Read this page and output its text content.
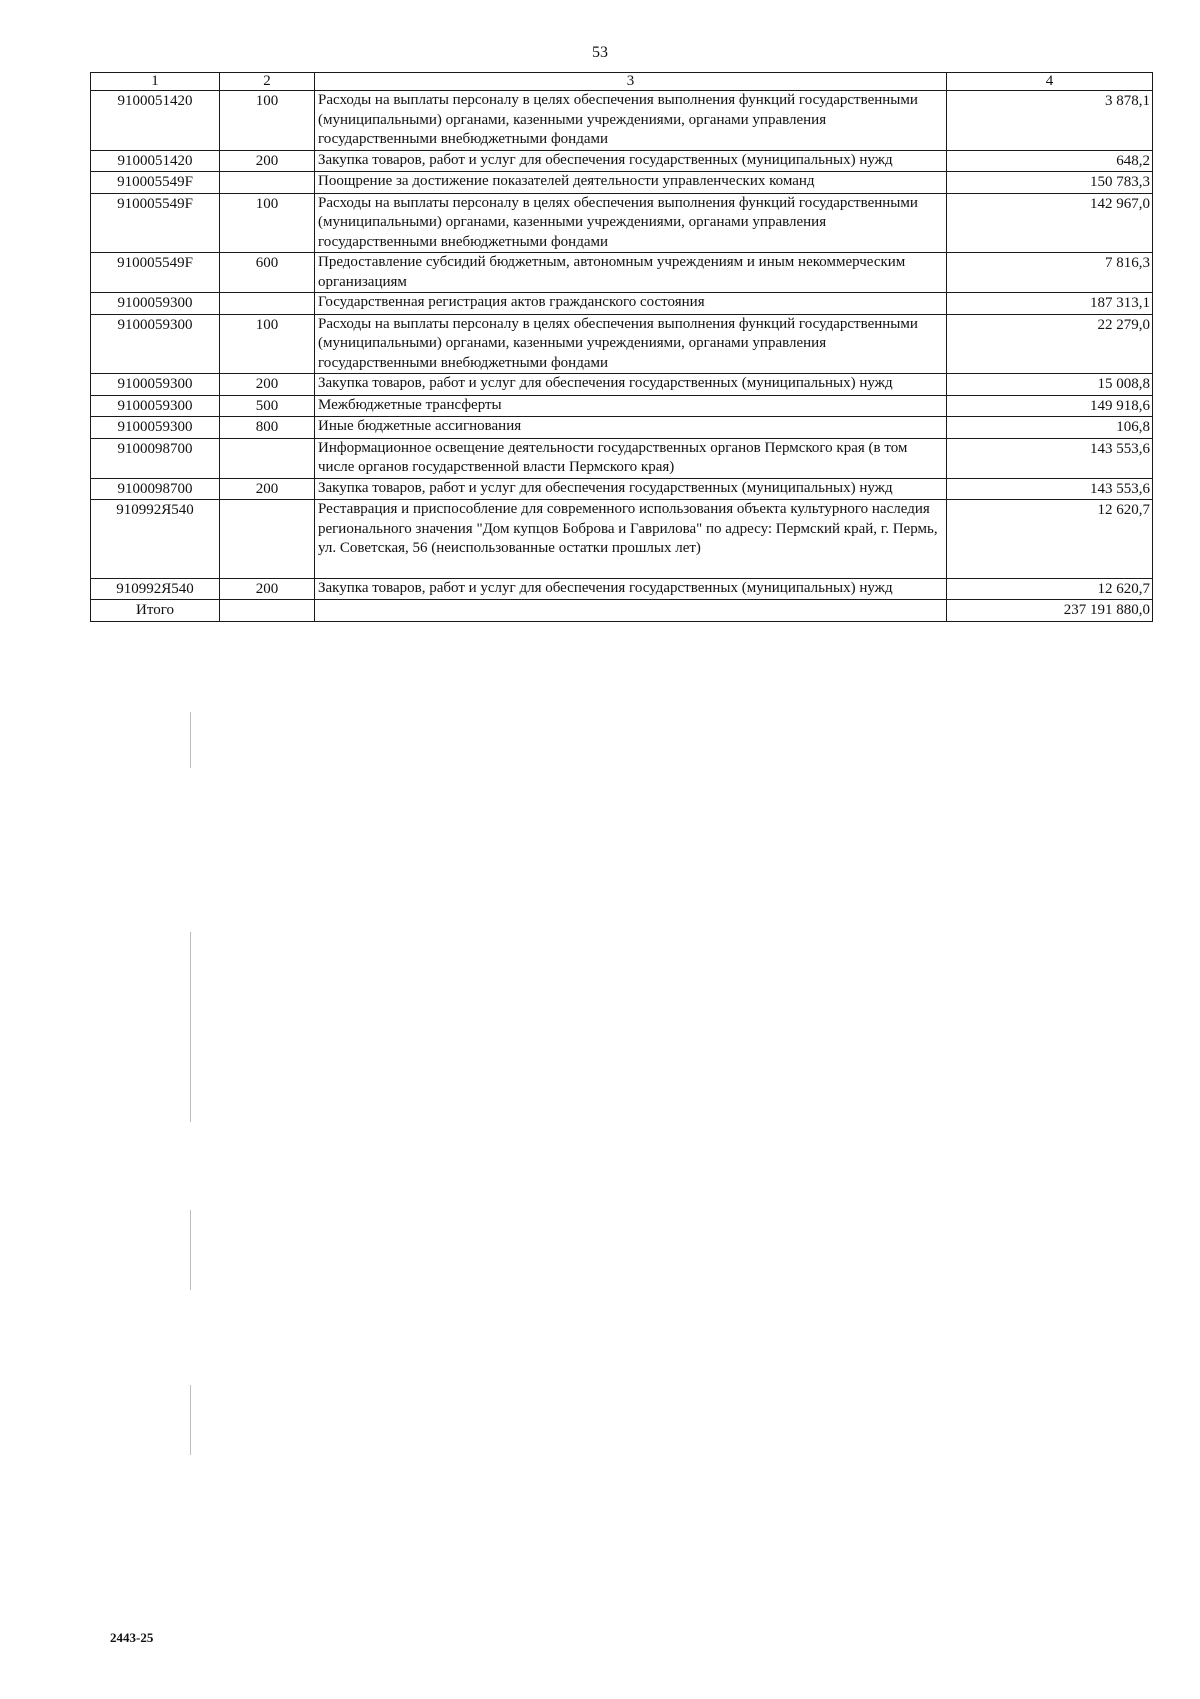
53
1	2	3	4
9100051420	100	Расходы на выплаты персоналу в целях обеспечения выполнения функций государственными (муниципальными) органами, казенными учреждениями, органами управления государственными внебюджетными фондами	3 878,1
9100051420	200	Закупка товаров, работ и услуг для обеспечения государственных (муниципальных) нужд	648,2
910005549F		Поощрение за достижение показателей деятельности управленческих команд	150 783,3
910005549F	100	Расходы на выплаты персоналу в целях обеспечения выполнения функций государственными (муниципальными) органами, казенными учреждениями, органами управления государственными внебюджетными фондами	142 967,0
910005549F	600	Предоставление субсидий бюджетным, автономным учреждениям и иным некоммерческим организациям	7 816,3
9100059300		Государственная регистрация актов гражданского состояния	187 313,1
9100059300	100	Расходы на выплаты персоналу в целях обеспечения выполнения функций государственными (муниципальными) органами, казенными учреждениями, органами управления государственными внебюджетными фондами	22 279,0
9100059300	200	Закупка товаров, работ и услуг для обеспечения государственных (муниципальных) нужд	15 008,8
9100059300	500	Межбюджетные трансферты	149 918,6
9100059300	800	Иные бюджетные ассигнования	106,8
9100098700		Информационное освещение деятельности государственных органов Пермского края (в том числе органов государственной власти Пермского края)	143 553,6
9100098700	200	Закупка товаров, работ и услуг для обеспечения государственных (муниципальных) нужд	143 553,6
910992Я540		Реставрация и приспособление для современного использования объекта культурного наследия регионального значения "Дом купцов Боброва и Гаврилова" по адресу: Пермский край, г. Пермь, ул. Советская, 56 (неиспользованные остатки прошлых лет)	12 620,7
910992Я540	200	Закупка товаров, работ и услуг для обеспечения государственных (муниципальных) нужд	12 620,7
Итого			237 191 880,0
2443-25
